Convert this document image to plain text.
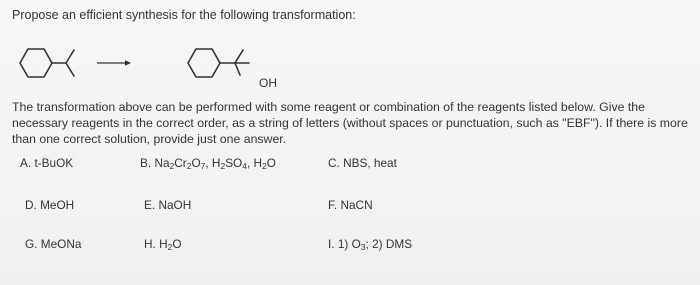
Propose an efficient synthesis for the following transformation:
OH
The transformation above can be performed with some reagent or combination of the reagents listed below. Give the necessary reagents in the correct order, as a string of letters (without spaces or punctuation, such as "EBF"). If there is more than one correct solution, provide just one answer.
A. t-BuOK	B. $Na_2Cr_2O_7$, $H_2SO_4$, $H_2O$	C. NBS, heat
D. MeOH	E. NaOH	F. NaCN
G. MeONa	H. $H_2O$	I. 1) $O_3$; 2) DMS
